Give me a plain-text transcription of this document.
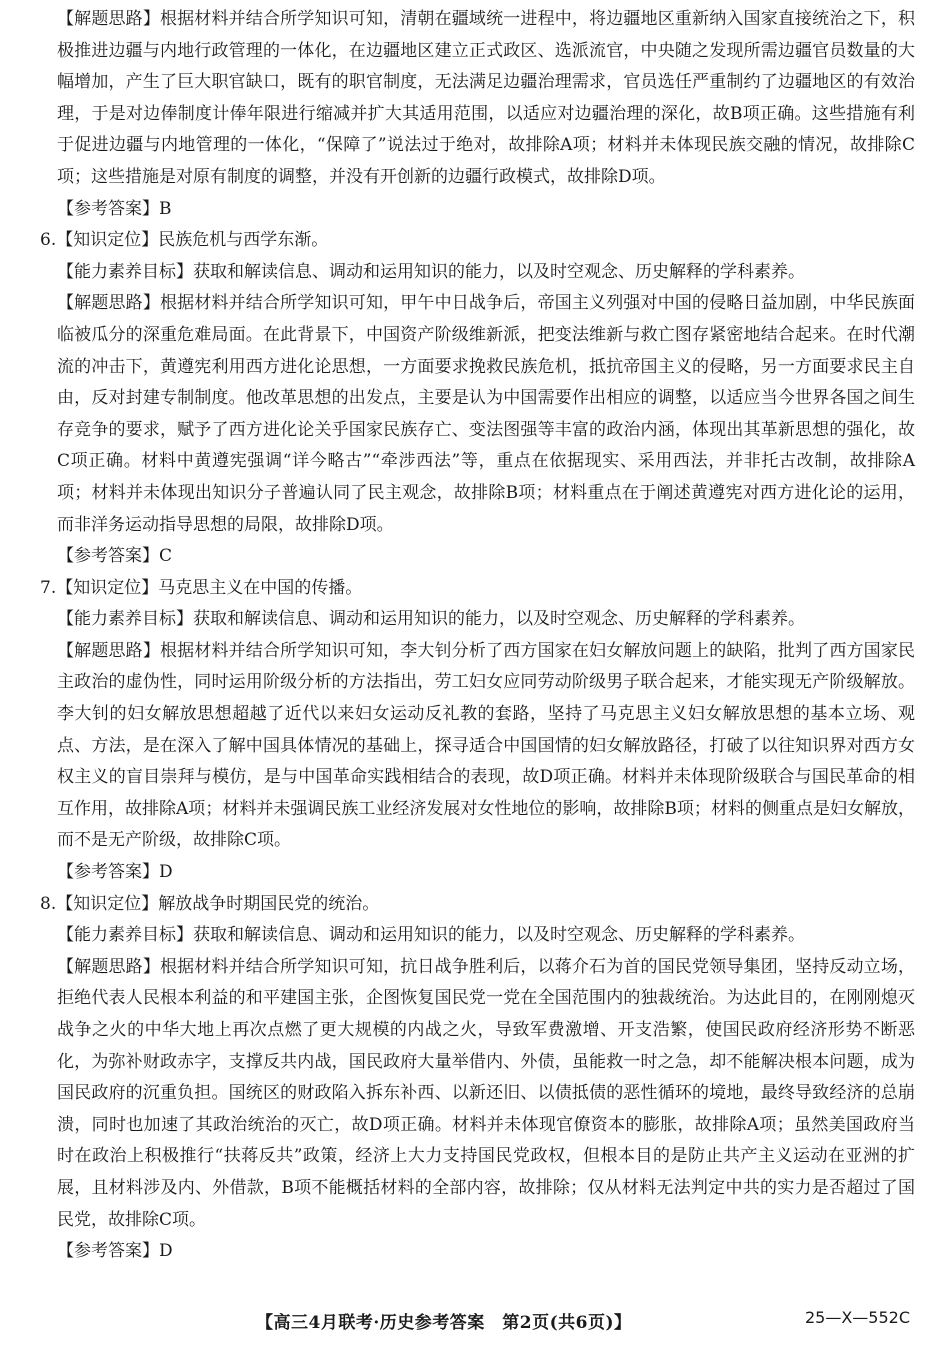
【解题思路】根据材料并结合所学知识可知，清朝在疆域统一进程中，将边疆地区重新纳入国家直接统治之下，积极推进边疆与内地行政管理的一体化，在边疆地区建立正式政区、选派流官，中央随之发现所需边疆官员数量的大幅增加，产生了巨大职官缺口，既有的职官制度，无法满足边疆治理需求，官员选任严重制约了边疆地区的有效治理，于是对边俸制度计俸年限进行缩减并扩大其适用范围，以适应对边疆治理的深化，故B项正确。这些措施有利于促进边疆与内地管理的一体化，“保障了”说法过于绝对，故排除A项；材料并未体现民族交融的情况，故排除C项；这些措施是对原有制度的调整，并没有开创新的边疆行政模式，故排除D项。

【参考答案】B

6.【知识定位】民族危机与西学东渐。

【能力素养目标】获取和解读信息、调动和运用知识的能力，以及时空观念、历史解释的学科素养。

【解题思路】根据材料并结合所学知识可知，甲午中日战争后，帝国主义列强对中国的侵略日益加剧，中华民族面临被瓜分的深重危难局面。在此背景下，中国资产阶级维新派，把变法维新与救亡图存紧密地结合起来。在时代潮流的冲击下，黄遵宪利用西方进化论思想，一方面要求挽救民族危机，抵抗帝国主义的侵略，另一方面要求民主自由，反对封建专制制度。他改革思想的出发点，主要是认为中国需要作出相应的调整，以适应当今世界各国之间生存竞争的要求，赋予了西方进化论关乎国家民族存亡、变法图强等丰富的政治内涵，体现出其革新思想的强化，故C项正确。材料中黄遵宪强调“详今略古”“牵涉西法”等，重点在依据现实、采用西法，并非托古改制，故排除A项；材料并未体现出知识分子普遍认同了民主观念，故排除B项；材料重点在于阐述黄遵宪对西方进化论的运用，而非洋务运动指导思想的局限，故排除D项。

【参考答案】C

7.【知识定位】马克思主义在中国的传播。

【能力素养目标】获取和解读信息、调动和运用知识的能力，以及时空观念、历史解释的学科素养。

【解题思路】根据材料并结合所学知识可知，李大钊分析了西方国家在妇女解放问题上的缺陷，批判了西方国家民主政治的虚伪性，同时运用阶级分析的方法指出，劳工妇女应同劳动阶级男子联合起来，才能实现无产阶级解放。李大钊的妇女解放思想超越了近代以来妇女运动反礼教的套路，坚持了马克思主义妇女解放思想的基本立场、观点、方法，是在深入了解中国具体情况的基础上，探寻适合中国国情的妇女解放路径，打破了以往知识界对西方女权主义的盲目崇拜与模仿，是与中国革命实践相结合的表现，故D项正确。材料并未体现阶级联合与国民革命的相互作用，故排除A项；材料并未强调民族工业经济发展对女性地位的影响，故排除B项；材料的侧重点是妇女解放，而不是无产阶级，故排除C项。

【参考答案】D

8.【知识定位】解放战争时期国民党的统治。

【能力素养目标】获取和解读信息、调动和运用知识的能力，以及时空观念、历史解释的学科素养。

【解题思路】根据材料并结合所学知识可知，抗日战争胜利后，以蒋介石为首的国民党领导集团，坚持反动立场，拒绝代表人民根本利益的和平建国主张，企图恢复国民党一党在全国范围内的独裁统治。为达此目的，在刚刚熄灭战争之火的中华大地上再次点燃了更大规模的内战之火，导致军费激增、开支浩繁，使国民政府经济形势不断恶化，为弥补财政赤字，支撑反共内战，国民政府大量举借内、外债，虽能救一时之急，却不能解决根本问题，成为国民政府的沉重负担。国统区的财政陷入拆东补西、以新还旧、以债抵债的恶性循环的境地，最终导致经济的总崩溃，同时也加速了其政治统治的灭亡，故D项正确。材料并未体现官僚资本的膨胀，故排除A项；虽然美国政府当时在政治上积极推行“扶蒋反共”政策，经济上大力支持国民党政权，但根本目的是防止共产主义运动在亚洲的扩展，且材料涉及内、外借款，B项不能概括材料的全部内容，故排除；仅从材料无法判定中共的实力是否超过了国民党，故排除C项。

【参考答案】D

【高三4月联考·历史参考答案　第2页(共6页)】	25—X—552C
